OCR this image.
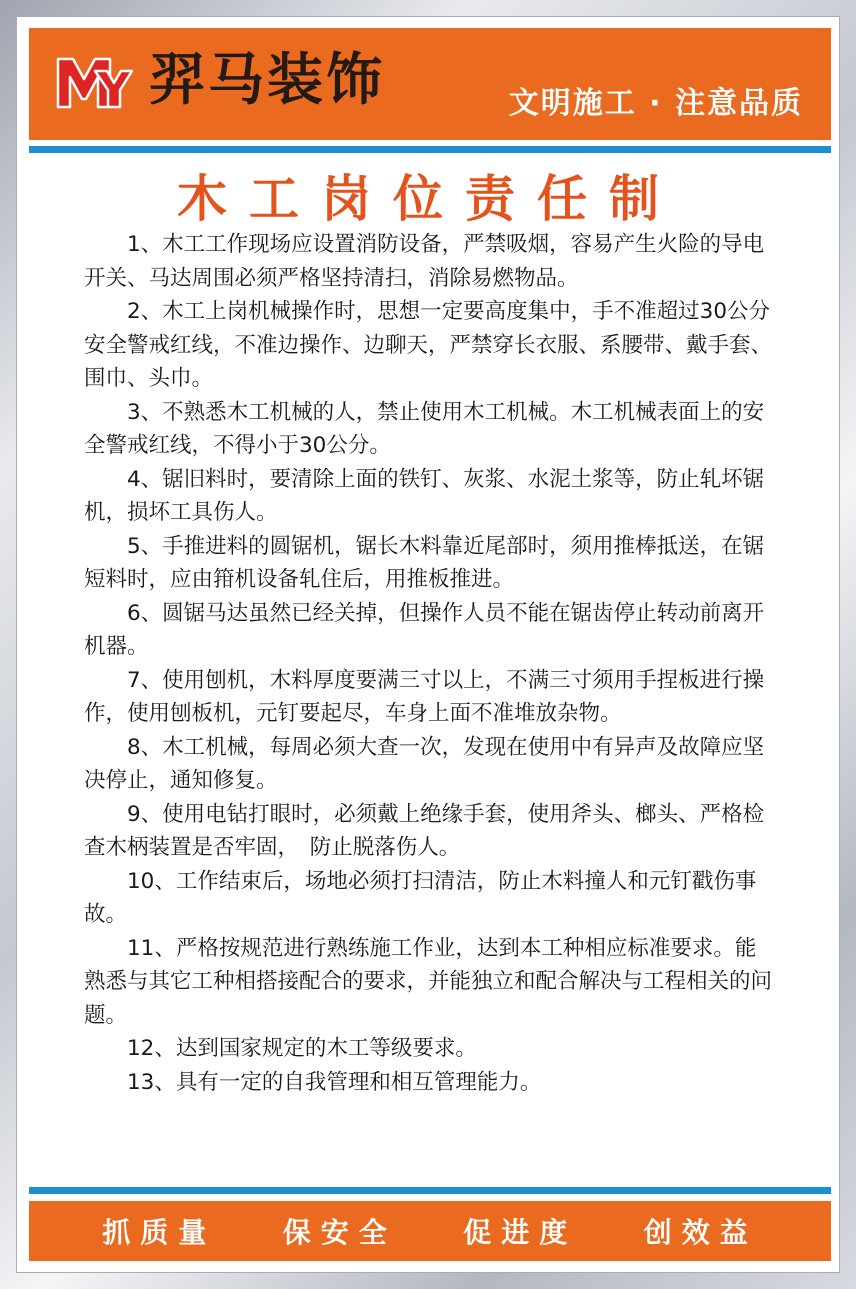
羿马装饰	文明施工 · 注意品质
木工岗位责任制

1、木工工作现场应设置消防设备，严禁吸烟，容易产生火险的导电开关、马达周围必须严格坚持清扫，消除易燃物品。

2、木工上岗机械操作时，思想一定要高度集中，手不准超过30公分安全警戒红线，不准边操作、边聊天，严禁穿长衣服、系腰带、戴手套、围巾、头巾。

3、不熟悉木工机械的人，禁止使用木工机械。木工机械表面上的安全警戒红线，不得小于30公分。

4、锯旧料时，要清除上面的铁钉、灰浆、水泥土浆等，防止轧坏锯机，损坏工具伤人。

5、手推进料的圆锯机，锯长木料靠近尾部时，须用推棒抵送，在锯短料时，应由箝机设备轧住后，用推板推进。

6、圆锯马达虽然已经关掉，但操作人员不能在锯齿停止转动前离开机器。

7、使用刨机，木料厚度要满三寸以上，不满三寸须用手捏板进行操作，使用刨板机，元钉要起尽，车身上面不准堆放杂物。

8、木工机械，每周必须大查一次，发现在使用中有异声及故障应坚决停止，通知修复。

9、使用电钻打眼时，必须戴上绝缘手套，使用斧头、榔头、严格检查木柄装置是否牢固，　防止脱落伤人。

10、工作结束后，场地必须打扫清洁，防止木料撞人和元钉戳伤事故。

11、严格按规范进行熟练施工作业，达到本工种相应标准要求。能熟悉与其它工种相搭接配合的要求，并能独立和配合解决与工程相关的问题。

12、达到国家规定的木工等级要求。

13、具有一定的自我管理和相互管理能力。

抓质量 保安全 促进度 创效益
